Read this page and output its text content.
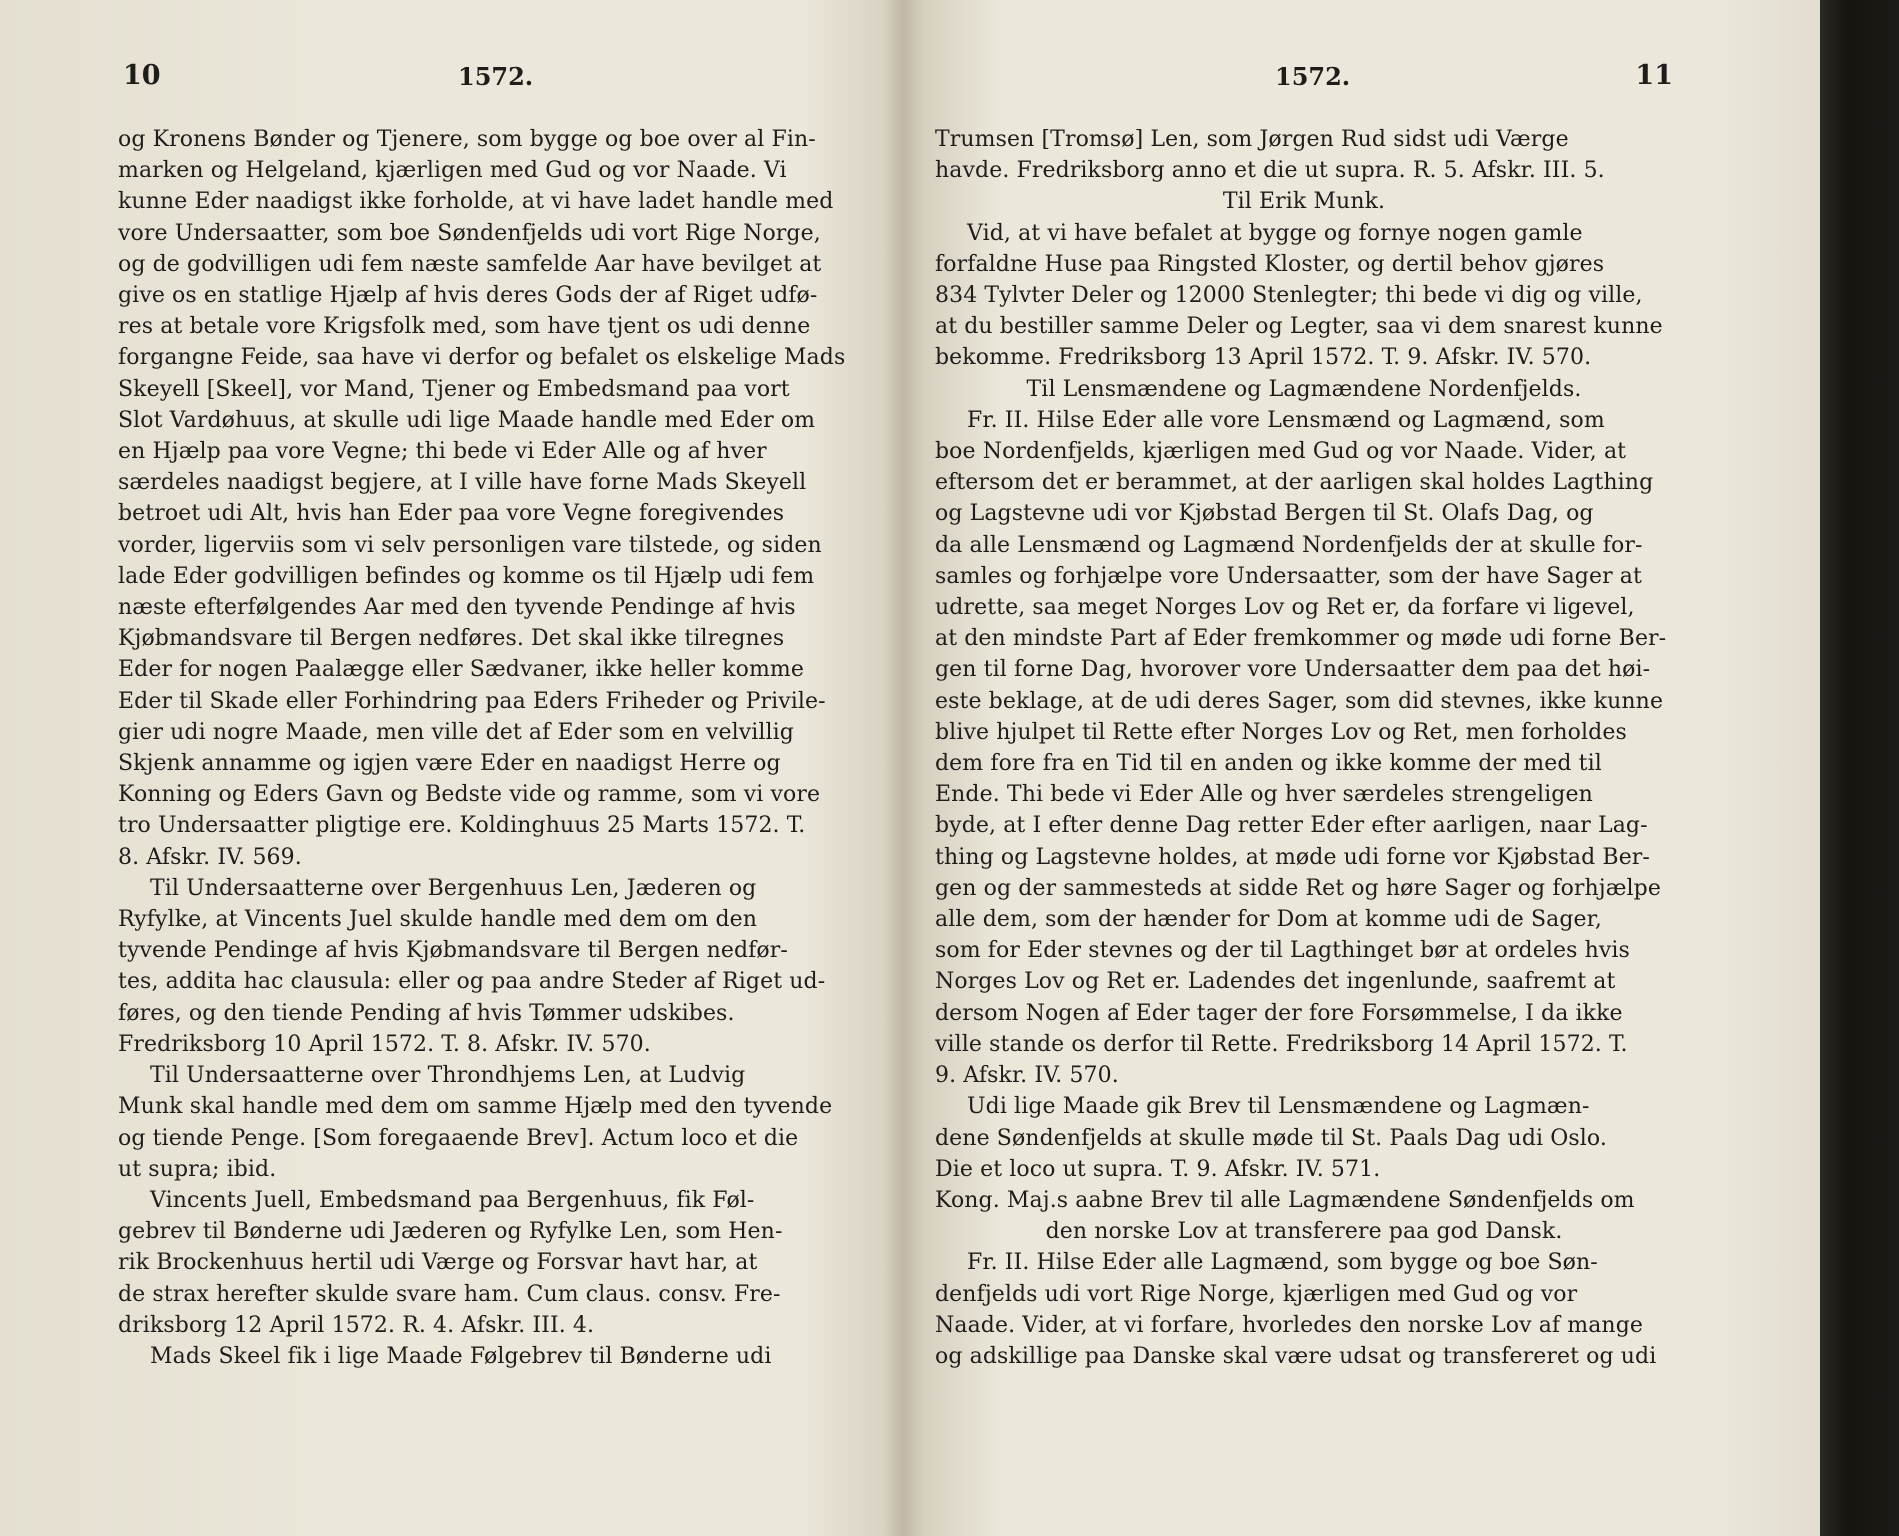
10	1572.
og Kronens Bønder og Tjenere, som bygge og boe over al Fin-
marken og Helgeland, kjærligen med Gud og vor Naade. Vi
kunne Eder naadigst ikke forholde, at vi have ladet handle med
vore Undersaatter, som boe Søndenfjelds udi vort Rige Norge,
og de godvilligen udi fem næste samfelde Aar have bevilget at
give os en statlige Hjælp af hvis deres Gods der af Riget udfø-
res at betale vore Krigsfolk med, som have tjent os udi denne
forgangne Feide, saa have vi derfor og befalet os elskelige Mads
Skeyell [Skeel], vor Mand, Tjener og Embedsmand paa vort
Slot Vardøhuus, at skulle udi lige Maade handle med Eder om
en Hjælp paa vore Vegne; thi bede vi Eder Alle og af hver
særdeles naadigst begjere, at I ville have forne Mads Skeyell
betroet udi Alt, hvis han Eder paa vore Vegne foregivendes
vorder, ligerviis som vi selv personligen vare tilstede, og siden
lade Eder godvilligen befindes og komme os til Hjælp udi fem
næste efterfølgendes Aar med den tyvende Pendinge af hvis
Kjøbmandsvare til Bergen nedføres. Det skal ikke tilregnes
Eder for nogen Paalægge eller Sædvaner, ikke heller komme
Eder til Skade eller Forhindring paa Eders Friheder og Privile-
gier udi nogre Maade, men ville det af Eder som en velvillig
Skjenk annamme og igjen være Eder en naadigst Herre og
Konning og Eders Gavn og Bedste vide og ramme, som vi vore
tro Undersaatter pligtige ere. Koldinghuus 25 Marts 1572. T.
8. Afskr. IV. 569.
Til Undersaatterne over Bergenhuus Len, Jæderen og
Ryfylke, at Vincents Juel skulde handle med dem om den
tyvende Pendinge af hvis Kjøbmandsvare til Bergen nedfør-
tes, addita hac clausula: eller og paa andre Steder af Riget ud-
føres, og den tiende Pending af hvis Tømmer udskibes.
Fredriksborg 10 April 1572. T. 8. Afskr. IV. 570.
Til Undersaatterne over Throndhjems Len, at Ludvig
Munk skal handle med dem om samme Hjælp med den tyvende
og tiende Penge. [Som foregaaende Brev]. Actum loco et die
ut supra; ibid.
Vincents Juell, Embedsmand paa Bergenhuus, fik Føl-
gebrev til Bønderne udi Jæderen og Ryfylke Len, som Hen-
rik Brockenhuus hertil udi Værge og Forsvar havt har, at
de strax herefter skulde svare ham. Cum claus. consv. Fre-
driksborg 12 April 1572. R. 4. Afskr. III. 4.
Mads Skeel fik i lige Maade Følgebrev til Bønderne udi
1572.	11
Trumsen [Tromsø] Len, som Jørgen Rud sidst udi Værge
havde. Fredriksborg anno et die ut supra. R. 5. Afskr. III. 5.
Til Erik Munk.
Vid, at vi have befalet at bygge og fornye nogen gamle
forfaldne Huse paa Ringsted Kloster, og dertil behov gjøres
834 Tylvter Deler og 12000 Stenlegter; thi bede vi dig og ville,
at du bestiller samme Deler og Legter, saa vi dem snarest kunne
bekomme. Fredriksborg 13 April 1572. T. 9. Afskr. IV. 570.
Til Lensmændene og Lagmændene Nordenfjelds.
Fr. II. Hilse Eder alle vore Lensmænd og Lagmænd, som
boe Nordenfjelds, kjærligen med Gud og vor Naade. Vider, at
eftersom det er berammet, at der aarligen skal holdes Lagthing
og Lagstevne udi vor Kjøbstad Bergen til St. Olafs Dag, og
da alle Lensmænd og Lagmænd Nordenfjelds der at skulle for-
samles og forhjælpe vore Undersaatter, som der have Sager at
udrette, saa meget Norges Lov og Ret er, da forfare vi ligevel,
at den mindste Part af Eder fremkommer og møde udi forne Ber-
gen til forne Dag, hvorover vore Undersaatter dem paa det høi-
este beklage, at de udi deres Sager, som did stevnes, ikke kunne
blive hjulpet til Rette efter Norges Lov og Ret, men forholdes
dem fore fra en Tid til en anden og ikke komme der med til
Ende. Thi bede vi Eder Alle og hver særdeles strengeligen
byde, at I efter denne Dag retter Eder efter aarligen, naar Lag-
thing og Lagstevne holdes, at møde udi forne vor Kjøbstad Ber-
gen og der sammesteds at sidde Ret og høre Sager og forhjælpe
alle dem, som der hænder for Dom at komme udi de Sager,
som for Eder stevnes og der til Lagthinget bør at ordeles hvis
Norges Lov og Ret er. Ladendes det ingenlunde, saafremt at
dersom Nogen af Eder tager der fore Forsømmelse, I da ikke
ville stande os derfor til Rette. Fredriksborg 14 April 1572. T.
9. Afskr. IV. 570.
Udi lige Maade gik Brev til Lensmændene og Lagmæn-
dene Søndenfjelds at skulle møde til St. Paals Dag udi Oslo.
Die et loco ut supra. T. 9. Afskr. IV. 571.
Kong. Maj.s aabne Brev til alle Lagmændene Søndenfjelds om
den norske Lov at transferere paa god Dansk.
Fr. II. Hilse Eder alle Lagmænd, som bygge og boe Søn-
denfjelds udi vort Rige Norge, kjærligen med Gud og vor
Naade. Vider, at vi forfare, hvorledes den norske Lov af mange
og adskillige paa Danske skal være udsat og transfereret og udi
